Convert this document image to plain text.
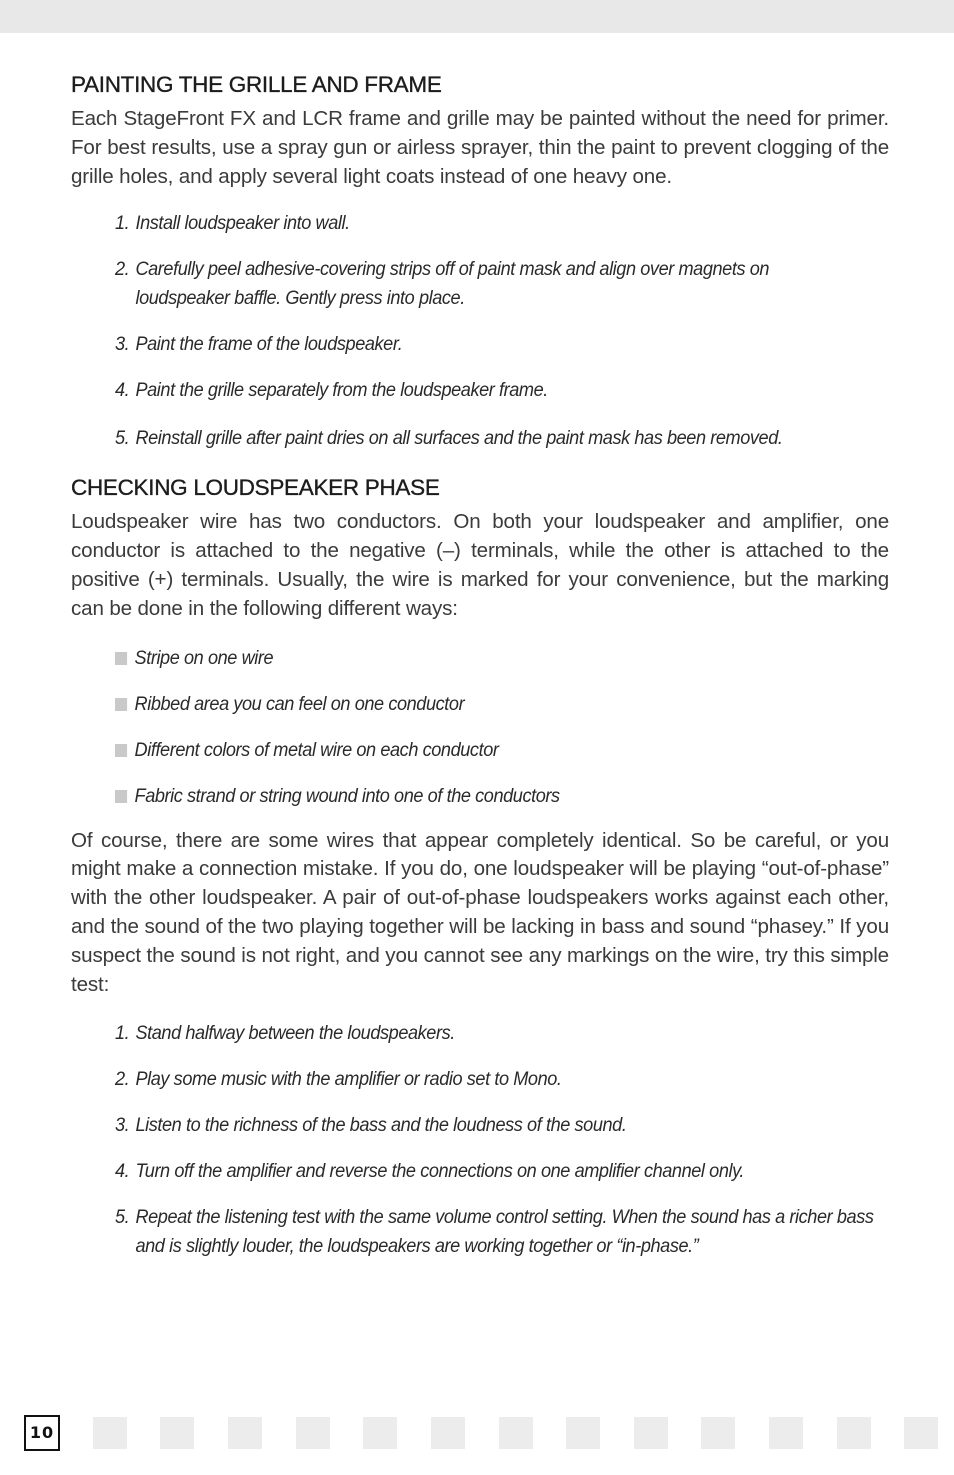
PAINTING THE GRILLE AND FRAME

Each StageFront FX and LCR frame and grille may be painted without the need for primer. For best results, use a spray gun or airless sprayer, thin the paint to prevent clogging of the grille holes, and apply several light coats instead of one heavy one.

1. Install loudspeaker into wall.
2. Carefully peel adhesive-covering strips off of paint mask and align over magnets on loudspeaker baffle. Gently press into place.
3. Paint the frame of the loudspeaker.
4. Paint the grille separately from the loudspeaker frame.
5. Reinstall grille after paint dries on all surfaces and the paint mask has been removed.
CHECKING LOUDSPEAKER PHASE

Loudspeaker wire has two conductors. On both your loudspeaker and amplifier, one conductor is attached to the negative (–) terminals, while the other is attached to the positive (+) terminals. Usually, the wire is marked for your convenience, but the marking can be done in the following different ways:

Stripe on one wire
Ribbed area you can feel on one conductor
Different colors of metal wire on each conductor
Fabric strand or string wound into one of the conductors

Of course, there are some wires that appear completely identical. So be careful, or you might make a connection mistake. If you do, one loudspeaker will be playing “out-of-phase” with the other loudspeaker. A pair of out-of-phase loudspeakers works against each other, and the sound of the two playing together will be lacking in bass and sound “phasey.” If you suspect the sound is not right, and you cannot see any markings on the wire, try this simple test:

1. Stand halfway between the loudspeakers.
2. Play some music with the amplifier or radio set to Mono.
3. Listen to the richness of the bass and the loudness of the sound.
4. Turn off the amplifier and reverse the connections on one amplifier channel only.
5. Repeat the listening test with the same volume control setting. When the sound has a richer bass and is slightly louder, the loudspeakers are working together or “in-phase.”
10
